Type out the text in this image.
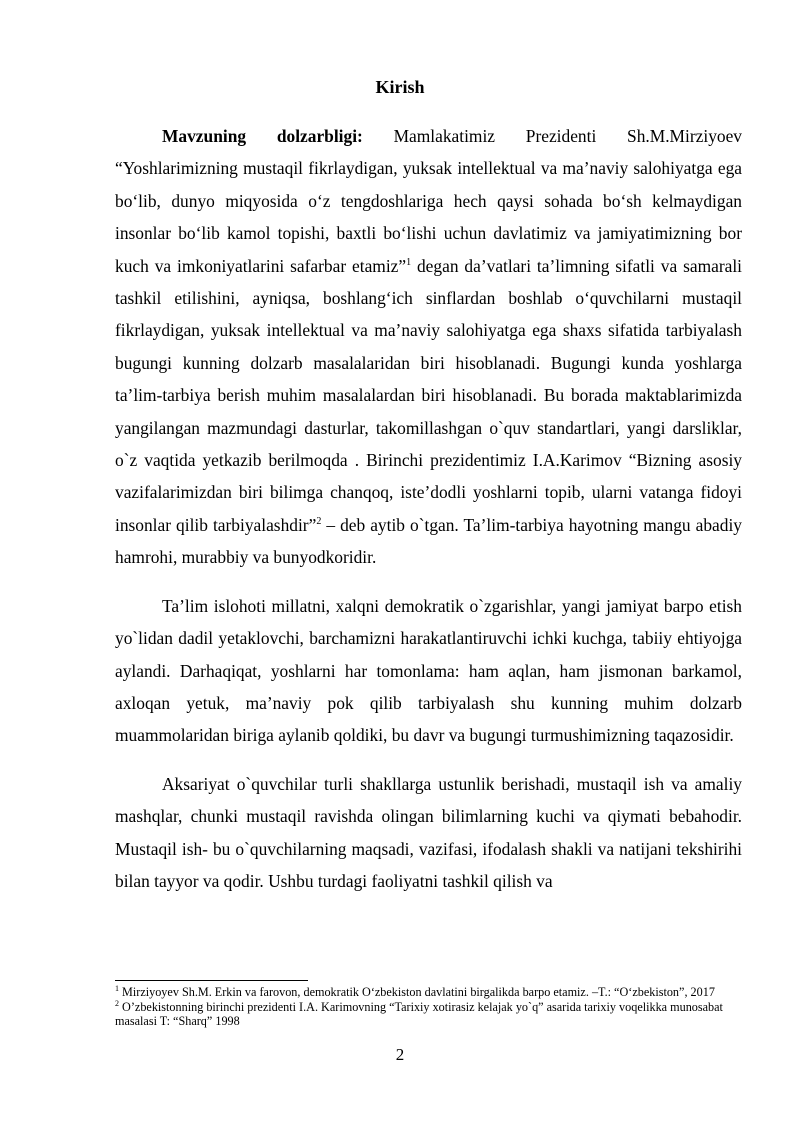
Kirish

Mavzuning dolzarbligi: Mamlakatimiz Prezidenti Sh.M.Mirziyoev “Yoshlarimizning mustaqil fikrlaydigan, yuksak intellektual va ma’naviy salohiyatga ega bo‘lib, dunyo miqyosida o‘z tengdoshlariga hech qaysi sohada bo‘sh kelmaydigan insonlar bo‘lib kamol topishi, baxtli bo‘lishi uchun davlatimiz va jamiyatimizning bor kuch va imkoniyatlarini safarbar etamiz”$^1$ degan da’vatlari ta’limning sifatli va samarali tashkil etilishini, ayniqsa, boshlang‘ich sinflardan boshlab o‘quvchilarni mustaqil fikrlaydigan, yuksak intellektual va ma’naviy salohiyatga ega shaxs sifatida tarbiyalash bugungi kunning dolzarb masalalaridan biri hisoblanadi. Bugungi kunda yoshlarga ta’lim-tarbiya berish muhim masalalardan biri hisoblanadi. Bu borada maktablarimizda yangilangan mazmundagi dasturlar, takomillashgan o`quv standartlari, yangi darsliklar, o`z vaqtida yetkazib berilmoqda . Birinchi prezidentimiz I.A.Karimov “Bizning asosiy vazifalarimizdan biri bilimga chanqoq, iste’dodli yoshlarni topib, ularni vatanga fidoyi insonlar qilib tarbiyalashdir”$^2$ – deb aytib o`tgan. Ta’lim-tarbiya hayotning mangu abadiy hamrohi, murabbiy va bunyodkoridir.

Ta’lim islohoti millatni, xalqni demokratik o`zgarishlar, yangi jamiyat barpo etish yo`lidan dadil yetaklovchi, barchamizni harakatlantiruvchi ichki kuchga, tabiiy ehtiyojga aylandi. Darhaqiqat, yoshlarni har tomonlama: ham aqlan, ham jismonan barkamol, axloqan yetuk, ma’naviy pok qilib tarbiyalash shu kunning muhim dolzarb muammolaridan biriga aylanib qoldiki, bu davr va bugungi turmushimizning taqazosidir.

Aksariyat o`quvchilar turli shakllarga ustunlik berishadi, mustaqil ish va amaliy mashqlar, chunki mustaqil ravishda olingan bilimlarning kuchi va qiymati bebahodir. Mustaqil ish- bu o`quvchilarning maqsadi, vazifasi, ifodalash shakli va natijani tekshirihi bilan tayyor va qodir. Ushbu turdagi faoliyatni tashkil qilish va

$^1$ Mirziyoyev Sh.M. Erkin va farovon, demokratik O‘zbekiston davlatini birgalikda barpo etamiz. –T.: “O‘zbekiston”, 2017

$^2$ O’zbekistonning birinchi prezidenti I.A. Karimovning “Tarixiy xotirasiz kelajak yo`q” asarida tarixiy voqelikka munosabat masalasi T: “Sharq” 1998

2
